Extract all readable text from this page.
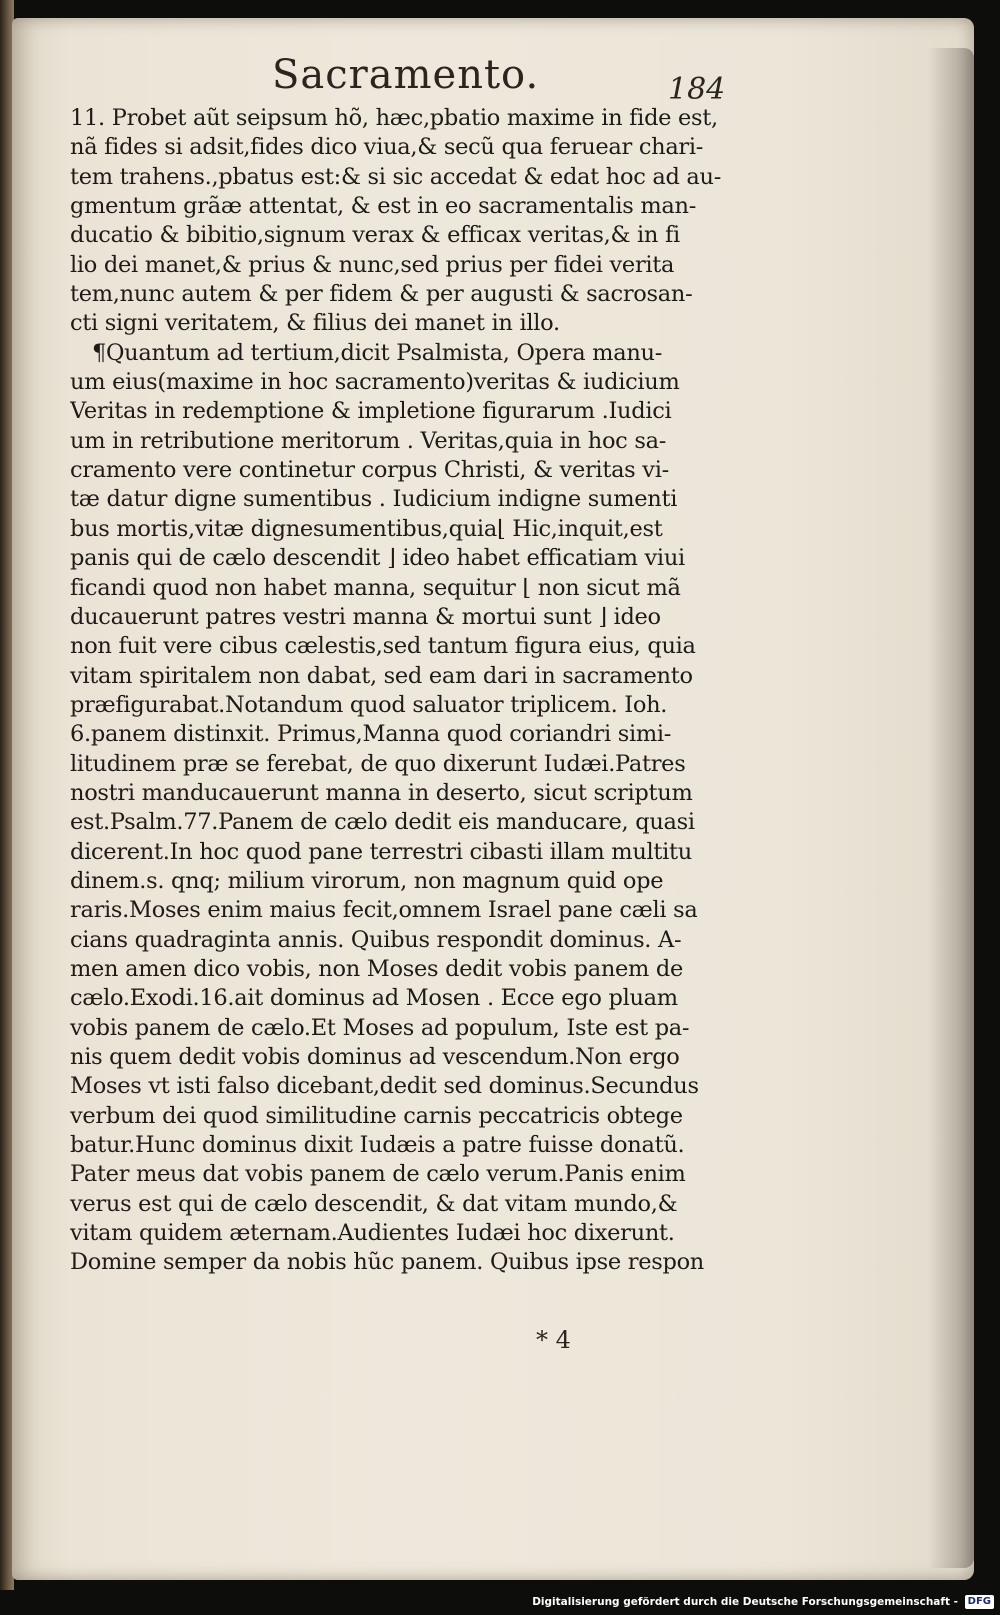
Sacramento.	184
11. Probet aũt seipsum hõ, hæc,pbatio maxime in fide est,
nã fides si adsit,fides dico viua,& secũ qua feruear chari-
tem trahens.,pbatus est:& si sic accedat & edat hoc ad au-
gmentum grãæ attentat, & est in eo sacramentalis man-
ducatio & bibitio,signum verax & efficax veritas,& in fi
lio dei manet,& prius & nunc,sed prius per fidei verita
tem,nunc autem & per fidem & per augusti & sacrosan-
cti signi veritatem, & filius dei manet in illo.
¶Quantum ad tertium,dicit Psalmista, Opera manu-
um eius(maxime in hoc sacramento)veritas & iudicium
Veritas in redemptione & impletione figurarum .Iudici
um in retributione meritorum . Veritas,quia in hoc sa-
cramento vere continetur corpus Christi, & veritas vi-
tæ datur digne sumentibus . Iudicium indigne sumenti
bus mortis,vitæ dignesumentibus,quia⌊ Hic,inquit,est
panis qui de cælo descendit ⌋ ideo habet efficatiam viui
ficandi quod non habet manna, sequitur ⌊ non sicut mã
ducauerunt patres vestri manna & mortui sunt ⌋ ideo
non fuit vere cibus cælestis,sed tantum figura eius, quia
vitam spiritalem non dabat, sed eam dari in sacramento
præfigurabat.Notandum quod saluator triplicem. Ioh.
6.panem distinxit. Primus,Manna quod coriandri simi-
litudinem præ se ferebat, de quo dixerunt Iudæi.Patres
nostri manducauerunt manna in deserto, sicut scriptum
est.Psalm.77.Panem de cælo dedit eis manducare, quasi
dicerent.In hoc quod pane terrestri cibasti illam multitu
dinem.s. qnq; milium virorum, non magnum quid ope
raris.Moses enim maius fecit,omnem Israel pane cæli sa
cians quadraginta annis. Quibus respondit dominus. A-
men amen dico vobis, non Moses dedit vobis panem de
cælo.Exodi.16.ait dominus ad Mosen . Ecce ego pluam
vobis panem de cælo.Et Moses ad populum, Iste est pa-
nis quem dedit vobis dominus ad vescendum.Non ergo
Moses vt isti falso dicebant,dedit sed dominus.Secundus
verbum dei quod similitudine carnis peccatricis obtege
batur.Hunc dominus dixit Iudæis a patre fuisse donatũ.
Pater meus dat vobis panem de cælo verum.Panis enim
verus est qui de cælo descendit, & dat vitam mundo,&
vitam quidem æternam.Audientes Iudæi hoc dixerunt.
Domine semper da nobis hũc panem. Quibus ipse respon
* 4
Digitalisierung gefördert durch die Deutsche Forschungsgemeinschaft - DFG
